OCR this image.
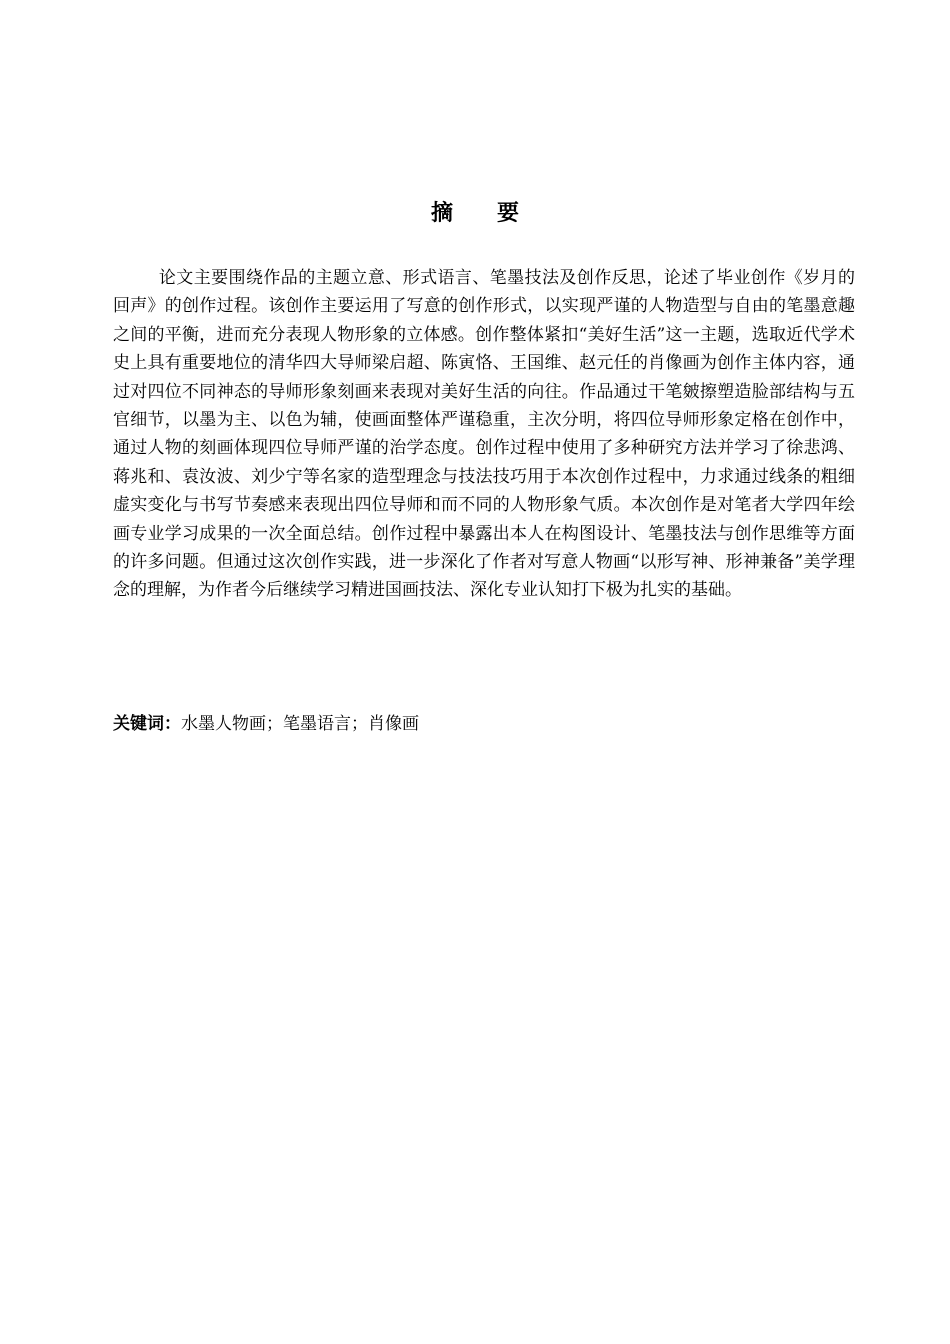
摘　　要

论文主要围绕作品的主题立意、形式语言、笔墨技法及创作反思，论述了毕业创作《岁月的回声》的创作过程。该创作主要运用了写意的创作形式，以实现严谨的人物造型与自由的笔墨意趣之间的平衡，进而充分表现人物形象的立体感。创作整体紧扣“美好生活”这一主题，选取近代学术史上具有重要地位的清华四大导师梁启超、陈寅恪、王国维、赵元任的肖像画为创作主体内容，通过对四位不同神态的导师形象刻画来表现对美好生活的向往。作品通过干笔皴擦塑造脸部结构与五官细节，以墨为主、以色为辅，使画面整体严谨稳重，主次分明，将四位导师形象定格在创作中，通过人物的刻画体现四位导师严谨的治学态度。创作过程中使用了多种研究方法并学习了徐悲鸿、蒋兆和、袁汝波、刘少宁等名家的造型理念与技法技巧用于本次创作过程中，力求通过线条的粗细虚实变化与书写节奏感来表现出四位导师和而不同的人物形象气质。本次创作是对笔者大学四年绘画专业学习成果的一次全面总结。创作过程中暴露出本人在构图设计、笔墨技法与创作思维等方面的许多问题。但通过这次创作实践，进一步深化了作者对写意人物画“以形写神、形神兼备”美学理念的理解，为作者今后继续学习精进国画技法、深化专业认知打下极为扎实的基础。

关键词：水墨人物画；笔墨语言；肖像画
